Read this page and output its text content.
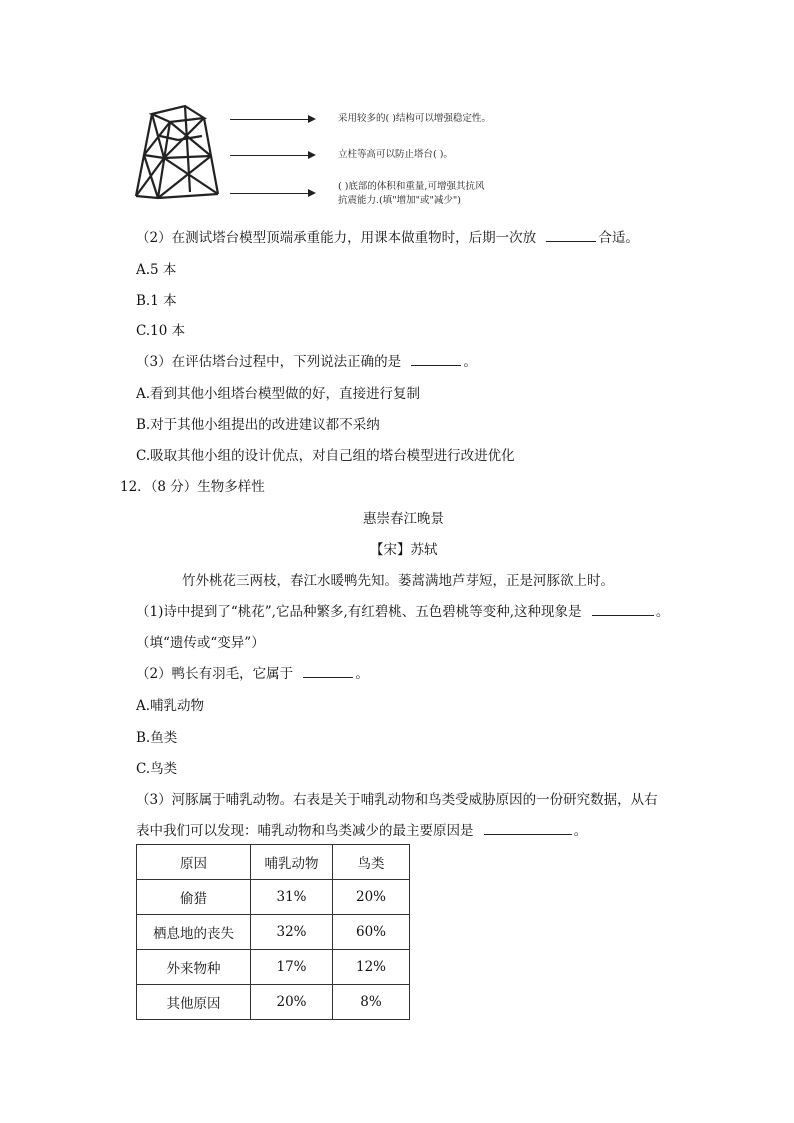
采用较多的( )结构可以增强稳定性。
立柱等高可以防止塔台( )。
( )底部的体积和重量,可增强其抗风
抗震能力.(填"增加"或"减少")
（2）在测试塔台模型顶端承重能力，用课本做重物时，后期一次放	合适。
A.5 本
B.1 本
C.10 本
（3）在评估塔台过程中，下列说法正确的是	。
A.看到其他小组塔台模型做的好，直接进行复制
B.对于其他小组提出的改进建议都不采纳
C.吸取其他小组的设计优点，对自己组的塔台模型进行改进优化
12．（8 分）生物多样性
惠崇春江晚景
【宋】苏轼
竹外桃花三两枝，春江水暖鸭先知。蒌蒿满地芦芽短，正是河豚欲上时。
（1)诗中提到了“桃花”,它品种繁多,有红碧桃、五色碧桃等变种,这种现象是	。
（填“遗传或“变异”）
（2）鸭长有羽毛，它属于	。
A.哺乳动物
B.鱼类
C.鸟类
（3）河豚属于哺乳动物。右表是关于哺乳动物和鸟类受威胁原因的一份研究数据，从右
表中我们可以发现：哺乳动物和鸟类减少的最主要原因是	。
原因	哺乳动物	鸟类
偷猎	31%	20%
栖息地的丧失	32%	60%
外来物种	17%	12%
其他原因	20%	8%
